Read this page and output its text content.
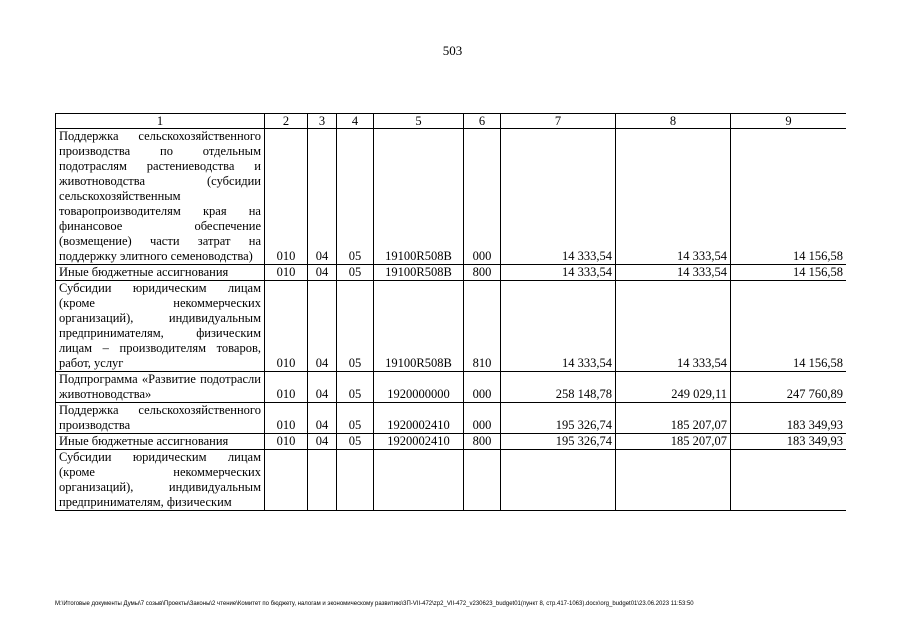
503
1	2	3	4	5	6	7	8	9
Поддержка сельскохозяйственного производства по отдельным подотраслям растениеводства и животноводства (субсидии сельскохозяйственным товаропроизводителям края на финансовое обеспечение (возмещение) части затрат на поддержку элитного семеноводства)	010	04	05	19100R508B	000	14 333,54	14 333,54	14 156,58
Иные бюджетные ассигнования	010	04	05	19100R508B	800	14 333,54	14 333,54	14 156,58
Субсидии юридическим лицам (кроме некоммерческих организаций), индивидуальным предпринимателям, физическим лицам – производителям товаров, работ, услуг	010	04	05	19100R508B	810	14 333,54	14 333,54	14 156,58
Подпрограмма «Развитие подотрасли животноводства»	010	04	05	1920000000	000	258 148,78	249 029,11	247 760,89
Поддержка сельскохозяйственного производства	010	04	05	1920002410	000	195 326,74	185 207,07	183 349,93
Иные бюджетные ассигнования	010	04	05	1920002410	800	195 326,74	185 207,07	183 349,93
Субсидии юридическим лицам (кроме некоммерческих организаций), индивидуальным предпринимателям, физическим								
M:\Итоговые документы Думы\7 созыв\Проекты\Законы\2 чтение\Комитет по бюджету, налогам и экономическому развитию\3П-VII-472\zp2_VII-472_v230623_budget01(пункт 8, стр.417-1063).docx\org_budget01\23.06.2023 11:53:50
